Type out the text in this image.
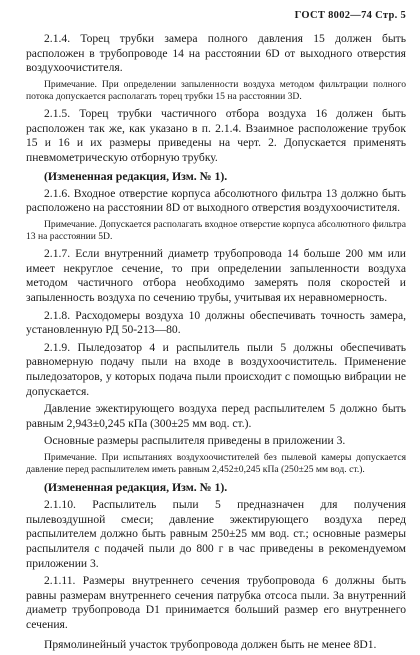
ГОСТ 8002—74 Стр. 5

2.1.4. Торец трубки замера полного давления 15 должен быть расположен в трубопроводе 14 на расстоянии 6D от выходного отверстия воздухоочистителя.

Примечание. При определении запыленности воздуха методом фильтрации полного потока допускается располагать торец трубки 15 на расстоянии 3D.

2.1.5. Торец трубки частичного отбора воздуха 16 должен быть расположен так же, как указано в п. 2.1.4. Взаимное расположение трубок 15 и 16 и их размеры приведены на черт. 2. Допускается применять пневмометрическую отборную трубку.

(Измененная редакция, Изм. № 1).

2.1.6. Входное отверстие корпуса абсолютного фильтра 13 должно быть расположено на расстоянии 8D от выходного отверстия воздухоочистителя.

Примечание. Допускается располагать входное отверстие корпуса абсолютного фильтра 13 на расстоянии 5D.

2.1.7. Если внутренний диаметр трубопровода 14 больше 200 мм или имеет некруглое сечение, то при определении запыленности воздуха методом частичного отбора необходимо замерять поля скоростей и запыленность воздуха по сечению трубы, учитывая их неравномерность.

2.1.8. Расходомеры воздуха 10 должны обеспечивать точность замера, установленную РД 50-213—80.

2.1.9. Пыледозатор 4 и распылитель пыли 5 должны обеспечивать равномерную подачу пыли на входе в воздухоочиститель. Применение пыледозаторов, у которых подача пыли происходит с помощью вибрации не допускается.

Давление эжектирующего воздуха перед распылителем 5 должно быть равным 2,943±0,245 кПа (300±25 мм вод. ст.).

Основные размеры распылителя приведены в приложении 3.

Примечание. При испытаниях воздухоочистителей без пылевой камеры допускается давление перед распылителем иметь равным 2,452±0,245 кПа (250±25 мм вод. ст.).

(Измененная редакция, Изм. № 1).

2.1.10. Распылитель пыли 5 предназначен для получения пылевоздушной смеси; давление эжектирующего воздуха перед распылителем должно быть равным 250±25 мм вод. ст.; основные размеры распылителя с подачей пыли до 800 г в час приведены в рекомендуемом приложении 3.

2.1.11. Размеры внутреннего сечения трубопровода 6 должны быть равны размерам внутреннего сечения патрубка отсоса пыли. За внутренний диаметр трубопровода D1 принимается больший размер его внутреннего сечения.

Прямолинейный участок трубопровода должен быть не менее 8D1.
